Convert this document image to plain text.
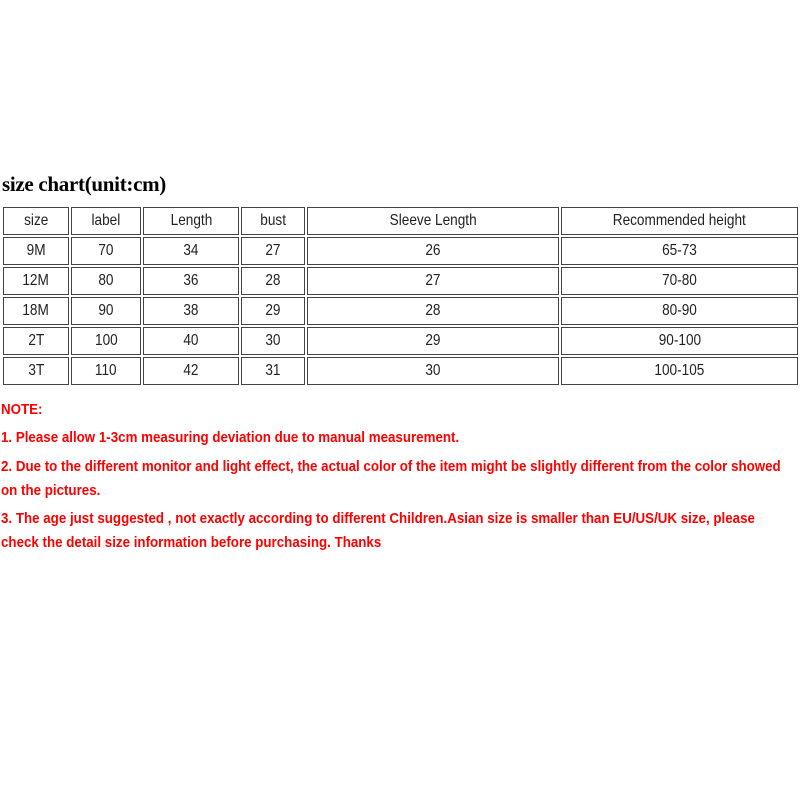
size chart(unit:cm)
size	label	Length	bust	Sleeve Length	Recommended height
9M	70	34	27	26	65-73
12M	80	36	28	27	70-80
18M	90	38	29	28	80-90
2T	100	40	30	29	90-100
3T	110	42	31	30	100-105

NOTE:

1. Please allow 1-3cm measuring deviation due to manual measurement.

2. Due to the different monitor and light effect, the actual color of the item might be slightly different from the color showed on the pictures.

3. The age just suggested , not exactly according to different Children.Asian size is smaller than EU/US/UK size, please check the detail size information before purchasing. Thanks
